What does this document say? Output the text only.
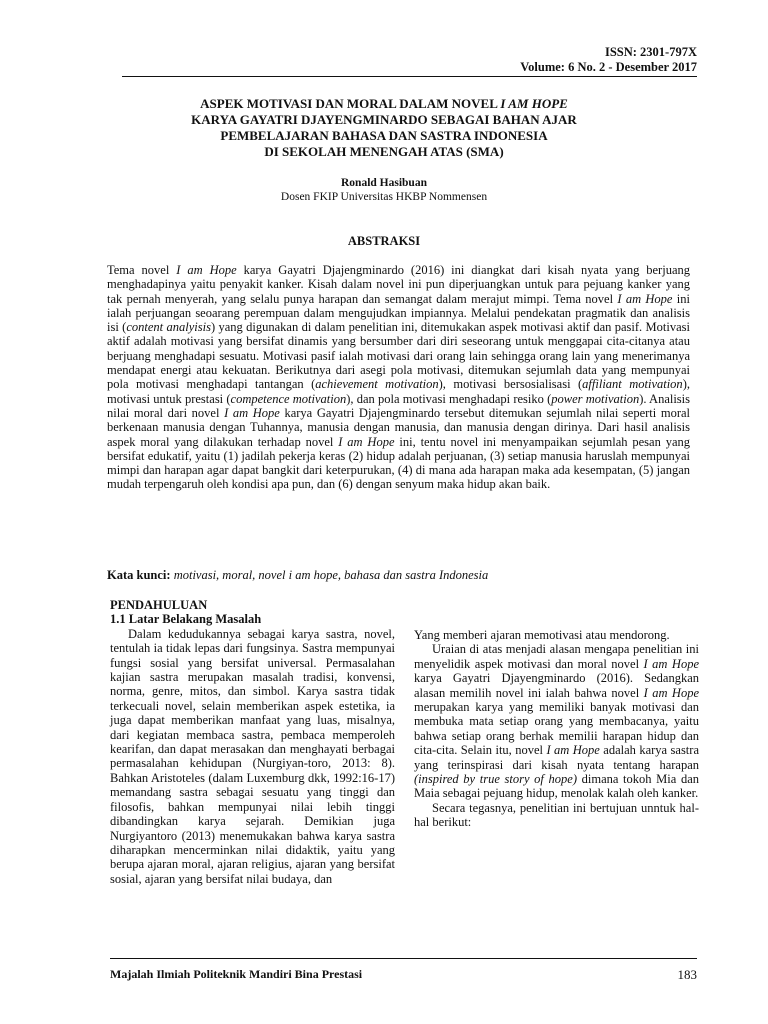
ISSN: 2301-797X
Volume: 6 No. 2 - Desember 2017
ASPEK MOTIVASI DAN MORAL DALAM NOVEL I AM HOPE
KARYA GAYATRI DJAYENGMINARDO SEBAGAI BAHAN AJAR
PEMBELAJARAN BAHASA DAN SASTRA INDONESIA
DI SEKOLAH MENENGAH ATAS (SMA)
Ronald Hasibuan
Dosen FKIP Universitas HKBP Nommensen
ABSTRAKSI

Tema novel I am Hope karya Gayatri Djajengminardo (2016) ini diangkat dari kisah nyata yang berjuang menghadapinya yaitu penyakit kanker. Kisah dalam novel ini pun diperjuangkan untuk para pejuang kanker yang tak pernah menyerah, yang selalu punya harapan dan semangat dalam merajut mimpi. Tema novel I am Hope ini ialah perjuangan seoarang perempuan dalam mengujudkan impiannya. Melalui pendekatan pragmatik dan analisis isi (content analyisis) yang digunakan di dalam penelitian ini, ditemukakan aspek motivasi aktif dan pasif. Motivasi aktif adalah motivasi yang bersifat dinamis yang bersumber dari diri seseorang untuk menggapai cita-citanya atau berjuang menghadapi sesuatu. Motivasi pasif ialah motivasi dari orang lain sehingga orang lain yang menerimanya mendapat energi atau kekuatan. Berikutnya dari asegi pola motivasi, ditemukan sejumlah data yang mempunyai pola motivasi menghadapi tantangan (achievement motivation), motivasi bersosialisasi (affiliant motivation), motivasi untuk prestasi (competence motivation), dan pola motivasi menghadapi resiko (power motivation). Analisis nilai moral dari novel I am Hope karya Gayatri Djajengminardo tersebut ditemukan sejumlah nilai seperti moral berkenaan manusia dengan Tuhannya, manusia dengan manusia, dan manusia dengan dirinya. Dari hasil analisis aspek moral yang dilakukan terhadap novel I am Hope ini, tentu novel ini menyampaikan sejumlah pesan yang bersifat edukatif, yaitu (1) jadilah pekerja keras (2) hidup adalah perjuanan, (3) setiap manusia haruslah mempunyai mimpi dan harapan agar dapat bangkit dari keterpurukan, (4) di mana ada harapan maka ada kesempatan, (5) jangan mudah terpengaruh oleh kondisi apa pun, dan (6) dengan senyum maka hidup akan baik.

Kata kunci: motivasi, moral, novel i am hope, bahasa dan sastra Indonesia

PENDAHULUAN

1.1 Latar Belakang Masalah

Dalam kedudukannya sebagai karya sastra, novel, tentulah ia tidak lepas dari fungsinya. Sastra mempunyai fungsi sosial yang bersifat universal. Permasalahan kajian sastra merupakan masalah tradisi, konvensi, norma, genre, mitos, dan simbol. Karya sastra tidak terkecuali novel, selain memberikan aspek estetika, ia juga dapat memberikan manfaat yang luas, misalnya, dari kegiatan membaca sastra, pembaca memperoleh kearifan, dan dapat merasakan dan menghayati berbagai permasalahan kehidupan (Nurgiyan-toro, 2013: 8). Bahkan Aristoteles (dalam Luxemburg dkk, 1992:16-17) memandang sastra sebagai sesuatu yang tinggi dan filosofis, bahkan mempunyai nilai lebih tinggi dibandingkan karya sejarah. Demikian juga Nurgiyantoro (2013) menemukakan bahwa karya sastra diharapkan mencerminkan nilai didaktik, yaitu yang berupa ajaran moral, ajaran religius, ajaran yang bersifat sosial, ajaran yang bersifat nilai budaya, dan

Yang memberi ajaran memotivasi atau mendorong.

Uraian di atas menjadi alasan mengapa penelitian ini menyelidik aspek motivasi dan moral novel I am Hope karya Gayatri Djayengminardo (2016). Sedangkan alasan memilih novel ini ialah bahwa novel I am Hope merupakan karya yang memiliki banyak motivasi dan membuka mata setiap orang yang membacanya, yaitu bahwa setiap orang berhak memilii harapan hidup dan cita-cita. Selain itu, novel I am Hope adalah karya sastra yang terinspirasi dari kisah nyata tentang harapan (inspired by true story of hope) dimana tokoh Mia dan Maia sebagai pejuang hidup, menolak kalah oleh kanker.

Secara tegasnya, penelitian ini bertujuan unntuk hal-hal berikut:

Majalah Ilmiah Politeknik Mandiri Bina Prestasi	183
